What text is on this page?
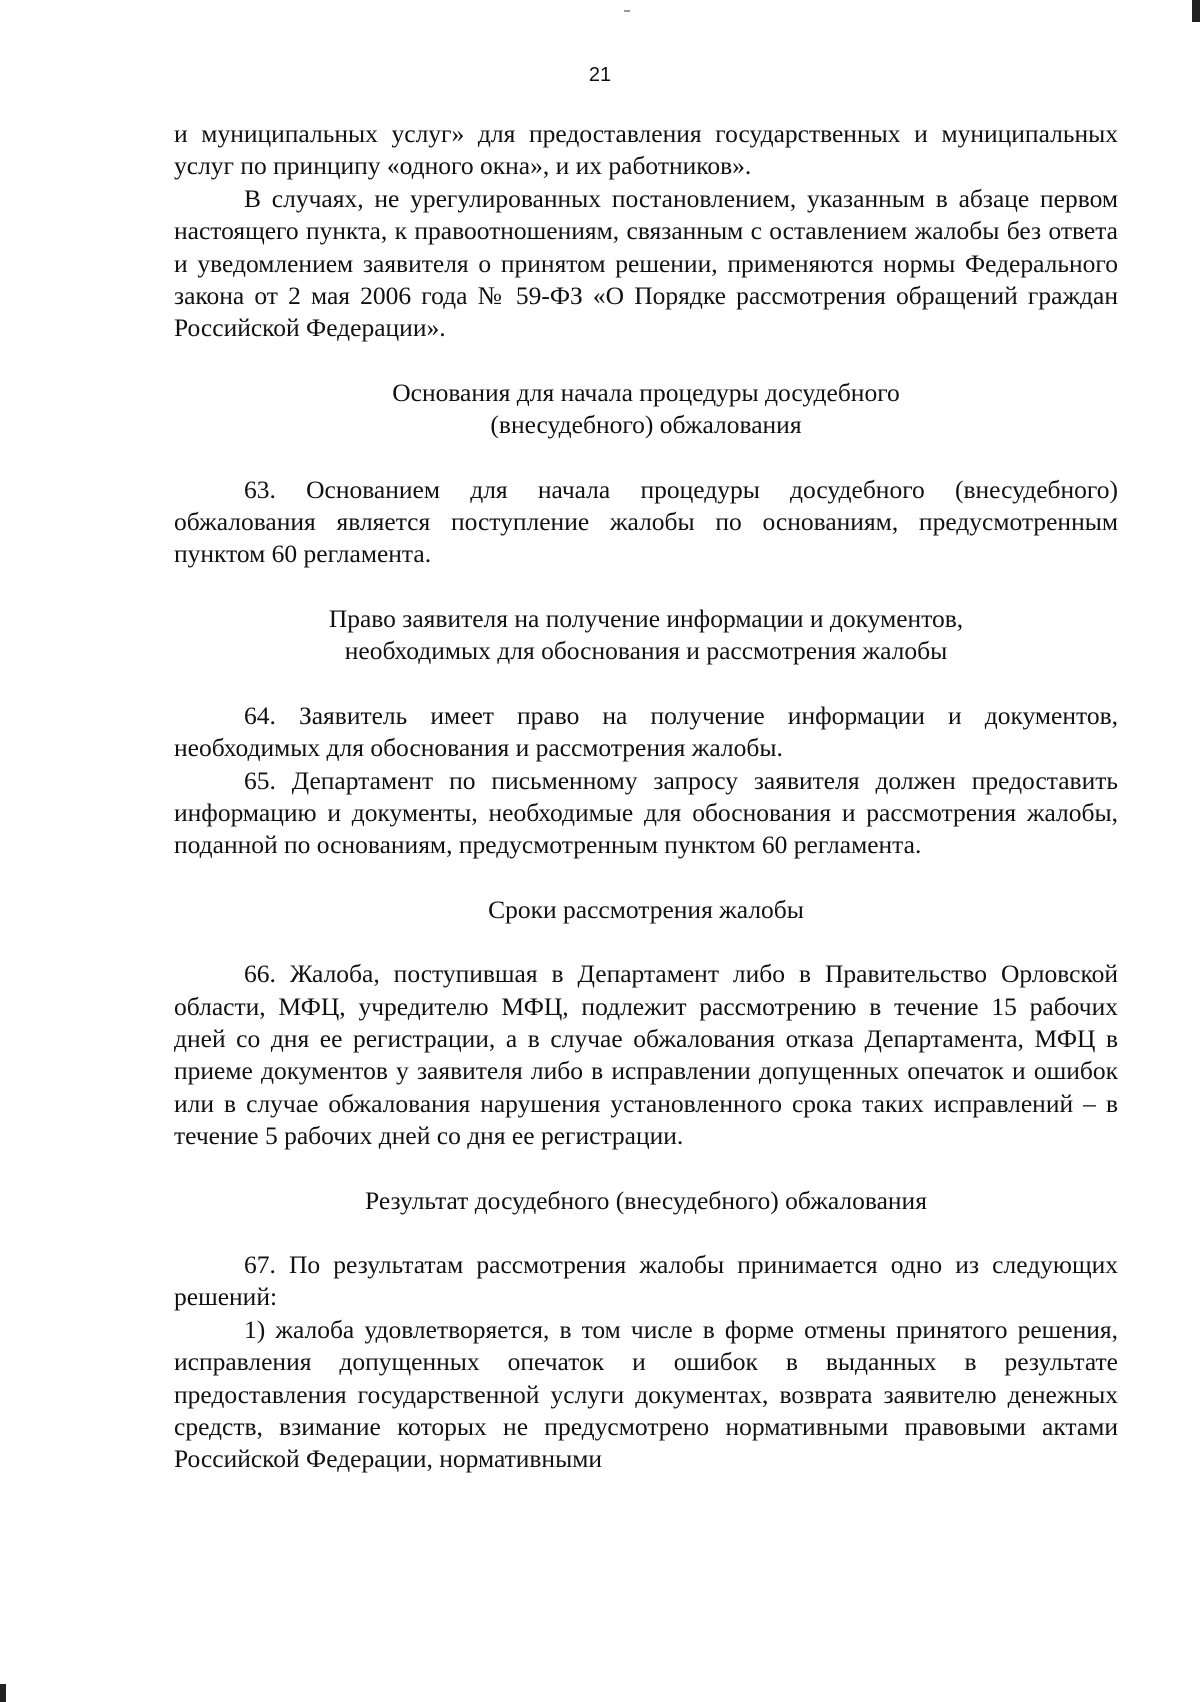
21

и муниципальных услуг» для предоставления государственных и муниципальных услуг по принципу «одного окна», и их работников».

В случаях, не урегулированных постановлением, указанным в абзаце первом настоящего пункта, к правоотношениям, связанным с оставлением жалобы без ответа и уведомлением заявителя о принятом решении, применяются нормы Федерального закона от 2 мая 2006 года № 59-ФЗ «О Порядке рассмотрения обращений граждан Российской Федерации».

Основания для начала процедуры досудебного

(внесудебного) обжалования

63. Основанием для начала процедуры досудебного (внесудебного) обжалования является поступление жалобы по основаниям, предусмотренным пунктом 60 регламента.

Право заявителя на получение информации и документов,

необходимых для обоснования и рассмотрения жалобы

64. Заявитель имеет право на получение информации и документов, необходимых для обоснования и рассмотрения жалобы.

65. Департамент по письменному запросу заявителя должен предоставить информацию и документы, необходимые для обоснования и рассмотрения жалобы, поданной по основаниям, предусмотренным пунктом 60 регламента.

Сроки рассмотрения жалобы

66. Жалоба, поступившая в Департамент либо в Правительство Орловской области, МФЦ, учредителю МФЦ, подлежит рассмотрению в течение 15 рабочих дней со дня ее регистрации, а в случае обжалования отказа Департамента, МФЦ в приеме документов у заявителя либо в исправлении допущенных опечаток и ошибок или в случае обжалования нарушения установленного срока таких исправлений – в течение 5 рабочих дней со дня ее регистрации.

Результат досудебного (внесудебного) обжалования

67. По результатам рассмотрения жалобы принимается одно из следующих решений:

1) жалоба удовлетворяется, в том числе в форме отмены принятого решения, исправления допущенных опечаток и ошибок в выданных в результате предоставления государственной услуги документах, возврата заявителю денежных средств, взимание которых не предусмотрено нормативными правовыми актами Российской Федерации, нормативными
